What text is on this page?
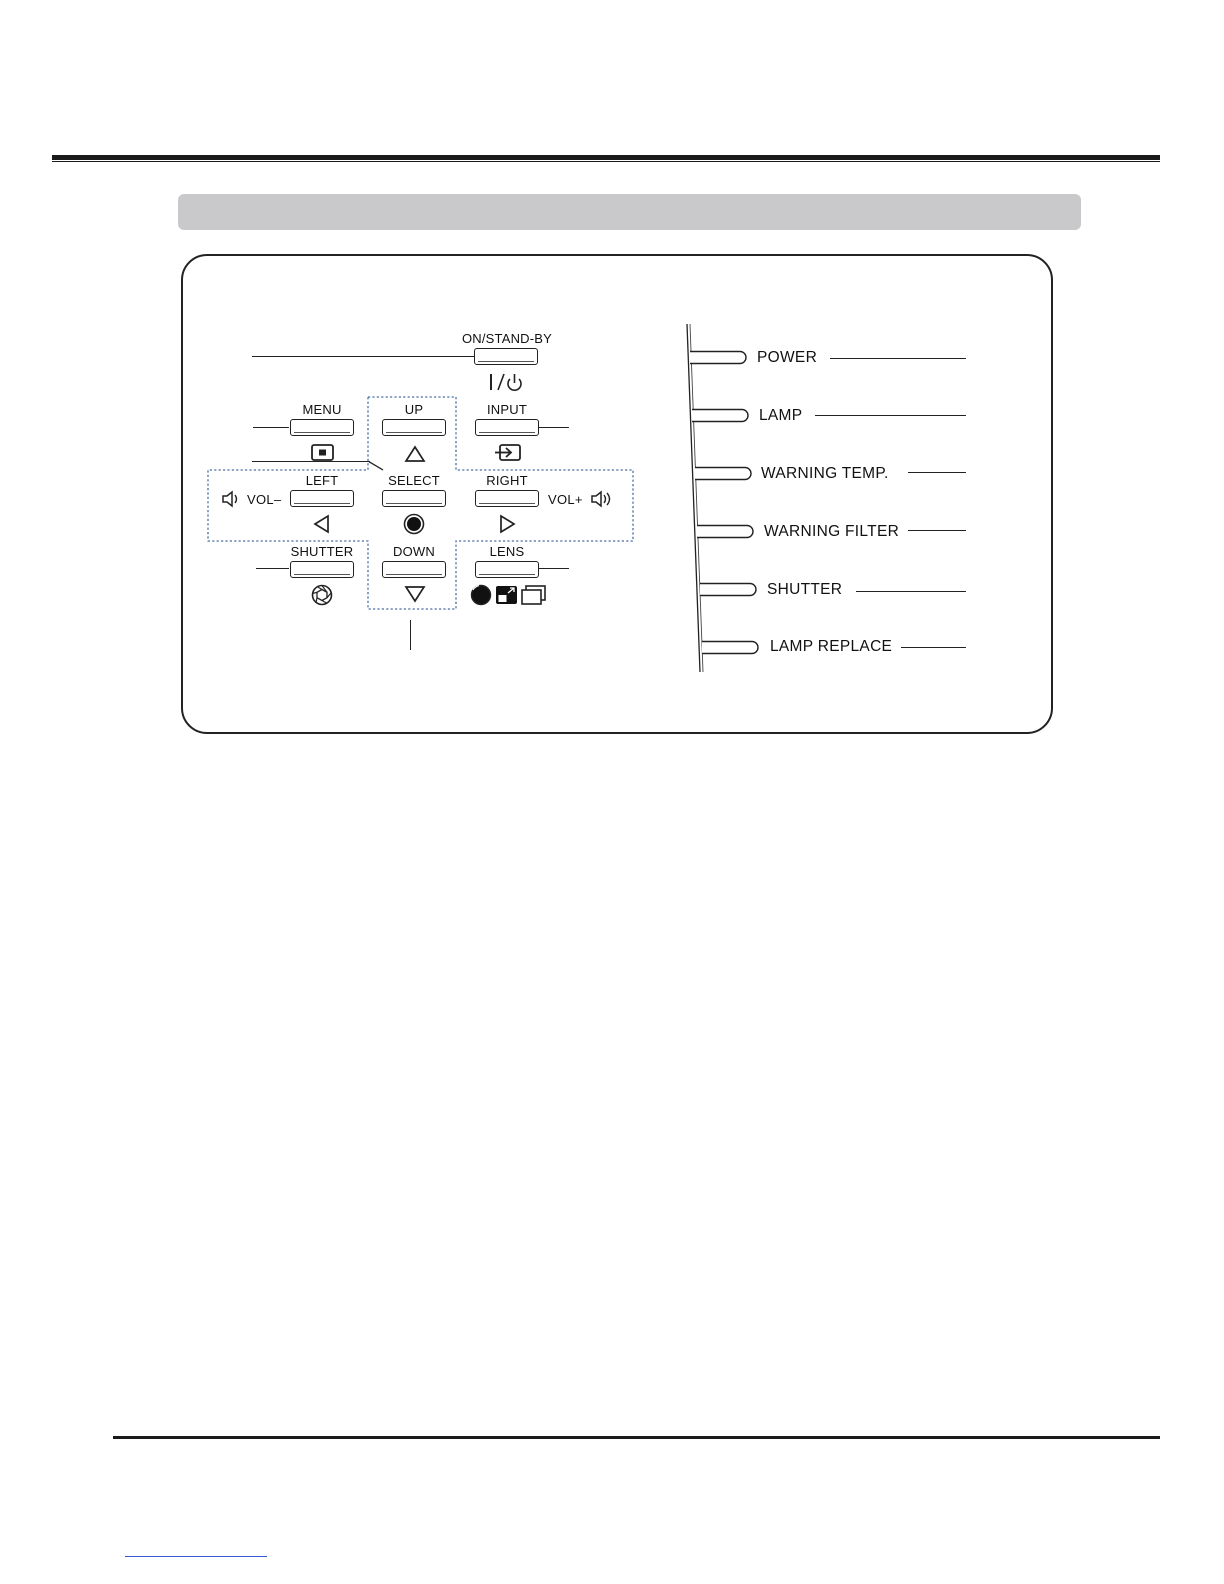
ON/STAND-BY
MENU	UP	INPUT
LEFT
VOL–
SELECT	RIGHT
VOL+
SHUTTER	DOWN	LENS
POWER
LAMP
WARNING TEMP.
WARNING FILTER
SHUTTER
LAMP REPLACE
